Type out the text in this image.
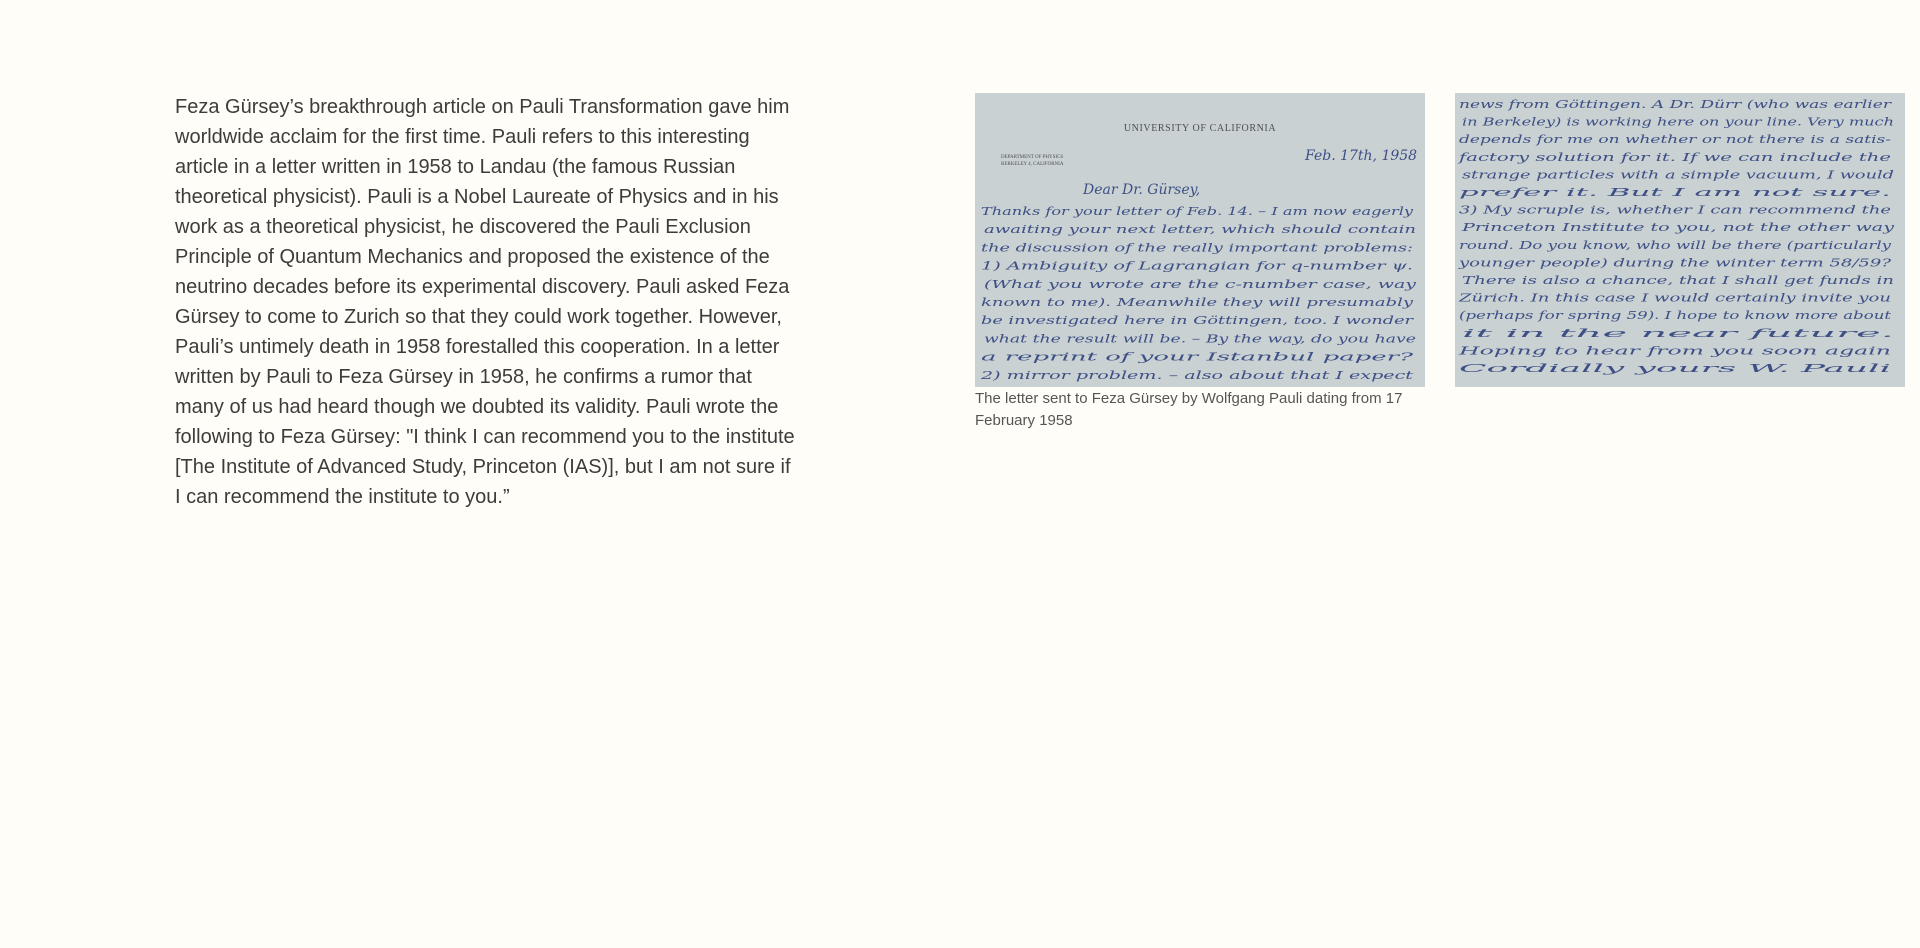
Feza Gürsey’s breakthrough article on Pauli Transformation gave him worldwide acclaim for the first time. Pauli refers to this interesting article in a letter written in 1958 to Landau (the famous Russian theoretical physicist). Pauli is a Nobel Laureate of Physics and in his work as a theoretical physicist, he discovered the Pauli Exclusion Principle of Quantum Mechanics and proposed the existence of the neutrino decades before its experimental discovery. Pauli asked Feza Gürsey to come to Zurich so that they could work together. However, Pauli’s untimely death in 1958 forestalled this cooperation. In a letter written by Pauli to Feza Gürsey in 1958, he confirms a rumor that many of us had heard though we doubted its validity. Pauli wrote the following to Feza Gürsey: "I think I can recommend you to the institute [The Institute of Advanced Study, Princeton (IAS)], but I am not sure if I can recommend the institute to you.”

UNIVERSITY OF CALIFORNIA
DEPARTMENT OF PHYSICS
BERKELEY 4, CALIFORNIA
Feb. 17th, 1958
Dear Dr. Gürsey,
Thanks for your letter of Feb. 14. – I am now eagerly
awaiting your next letter, which should contain
the discussion of the really important problems:
1) Ambiguity of Lagrangian for q-number ψ.
(What you wrote are the c-number case, way
known to me). Meanwhile they will presumably
be investigated here in Göttingen, too. I wonder
what the result will be. – By the way, do you have
a reprint of your Istanbul paper?
2) mirror problem. – also about that I expect
news from Göttingen. A Dr. Dürr (who was earlier
in Berkeley) is working here on your line. Very much
depends for me on whether or not there is a satis-
factory solution for it. If we can include the
strange particles with a simple vacuum, I would
prefer it. But I am not sure.
3) My scruple is, whether I can recommend the
Princeton Institute to you, not the other way
round. Do you know, who will be there (particularly
younger people) during the winter term 58/59?
There is also a chance, that I shall get funds in
Zürich. In this case I would certainly invite you
(perhaps for spring 59). I hope to know more about
it in the near future.
Hoping to hear from you soon again
Cordially yours W. Pauli

The letter sent to Feza Gürsey by Wolfgang Pauli dating from 17 February 1958
